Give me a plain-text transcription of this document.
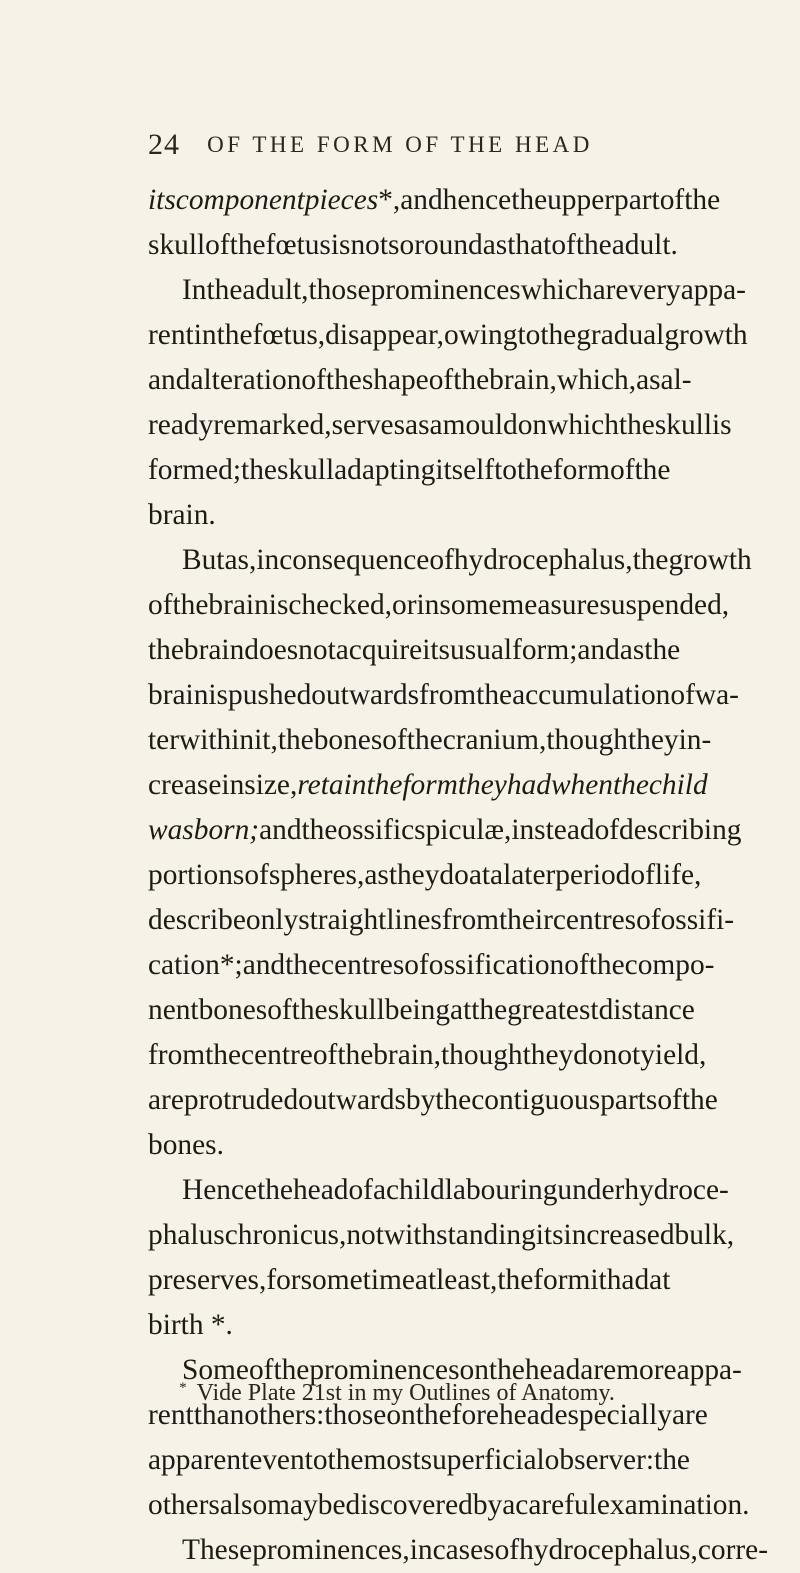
24	OF THE FORM OF THE HEAD
its component pieces *, and hence the upper part of the
skull of the fœtus is not so round as that of the adult.
In the adult, those prominences which are very appa-
rent in the fœtus, disappear, owing to the gradual growth
and alteration of the shape of the brain, which, as al-
ready remarked, serves as a mould on which the skull is
formed ; the skull adapting itself to the form of the
brain.
But as, in consequence of hydrocephalus, the growth
of the brain is checked, or in some measure suspended,
the brain does not acquire its usual form ; and as the
brain is pushed outwards from the accumulation of wa-
ter within it, the bones of the cranium, though they in-
crease in size, retain the form they had when the child
was born ; and the ossific spiculæ, instead of describing
portions of spheres, as they do at a later period of life,
describe only straight lines from their centres of ossifi-
cation * ; and the centres of ossification of the compo-
nent bones of the skull being at the greatest distance
from the centre of the brain, though they do not yield,
are protruded outwards by the contiguous parts of the
bones.
Hence the head of a child labouring under hydroce-
phalus chronicus, notwithstanding its increased bulk,
preserves, for some time at least, the form it had at
birth *.
Some of the prominences on the head are more appa-
rent than others : those on the forehead especially are
apparent even to the most superficial observer : the
others also may be discovered by a careful examination.
These prominences, in cases of hydrocephalus, corre-
* Vide Plate 21st in my Outlines of Anatomy.
